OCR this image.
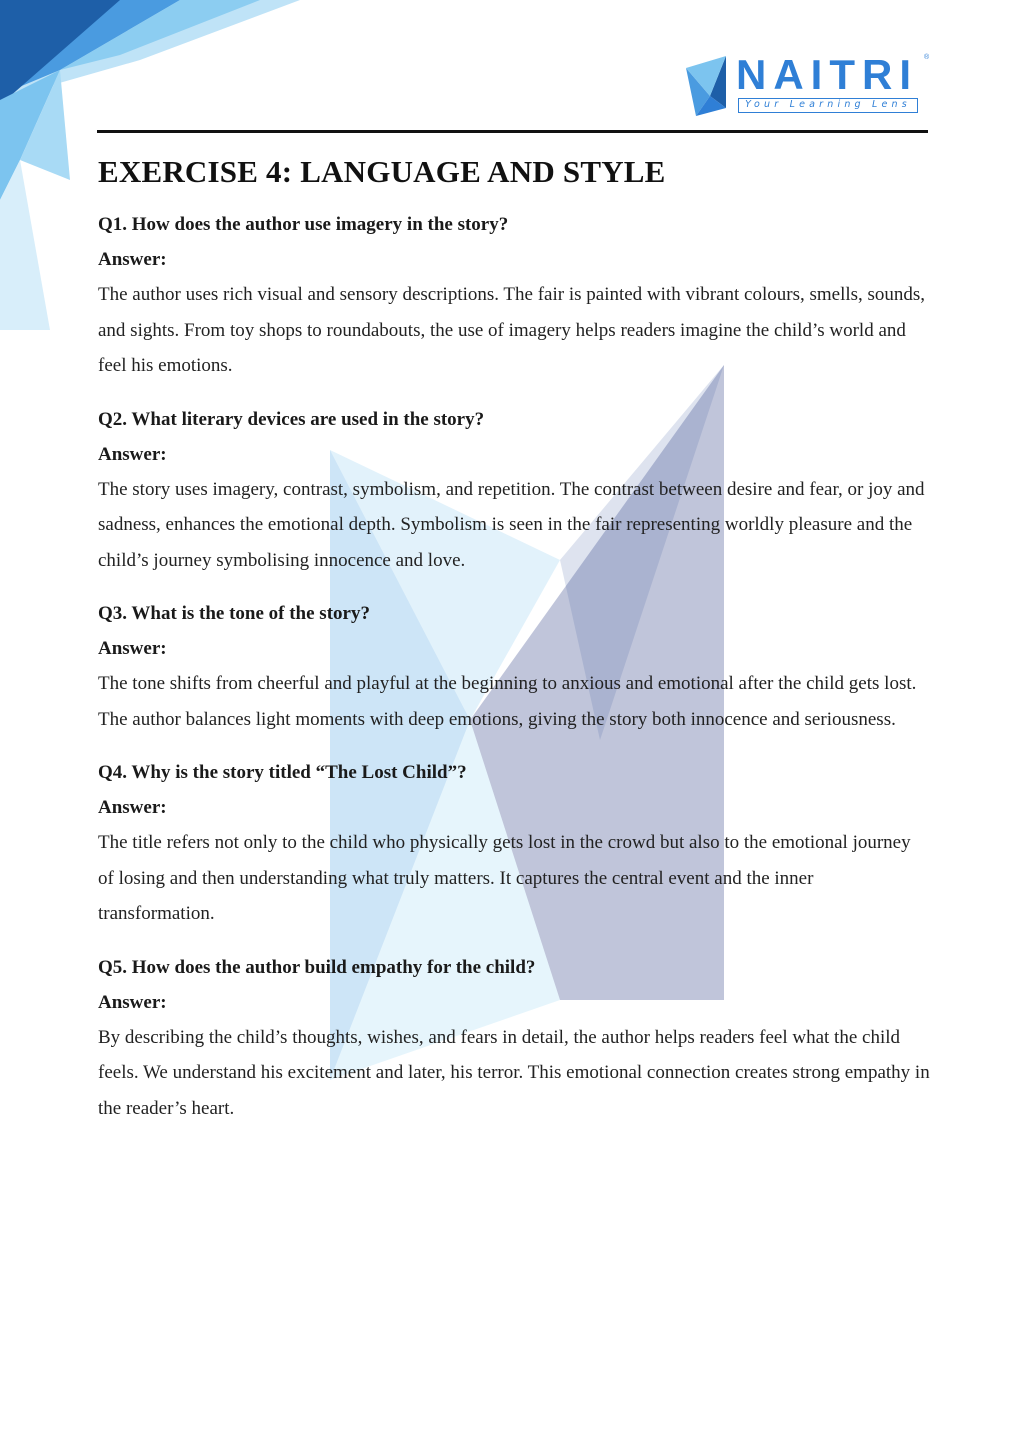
NAITRI ®
Your Learning Lens
EXERCISE 4: LANGUAGE AND STYLE

Q1. How does the author use imagery in the story?

Answer:

The author uses rich visual and sensory descriptions. The fair is painted with vibrant colours, smells, sounds, and sights. From toy shops to roundabouts, the use of imagery helps readers imagine the child’s world and feel his emotions.

Q2. What literary devices are used in the story?

Answer:

The story uses imagery, contrast, symbolism, and repetition. The contrast between desire and fear, or joy and sadness, enhances the emotional depth. Symbolism is seen in the fair representing worldly pleasure and the child’s journey symbolising innocence and love.

Q3. What is the tone of the story?

Answer:

The tone shifts from cheerful and playful at the beginning to anxious and emotional after the child gets lost. The author balances light moments with deep emotions, giving the story both innocence and seriousness.

Q4. Why is the story titled “The Lost Child”?

Answer:

The title refers not only to the child who physically gets lost in the crowd but also to the emotional journey of losing and then understanding what truly matters. It captures the central event and the inner transformation.

Q5. How does the author build empathy for the child?

Answer:

By describing the child’s thoughts, wishes, and fears in detail, the author helps readers feel what the child feels. We understand his excitement and later, his terror. This emotional connection creates strong empathy in the reader’s heart.
